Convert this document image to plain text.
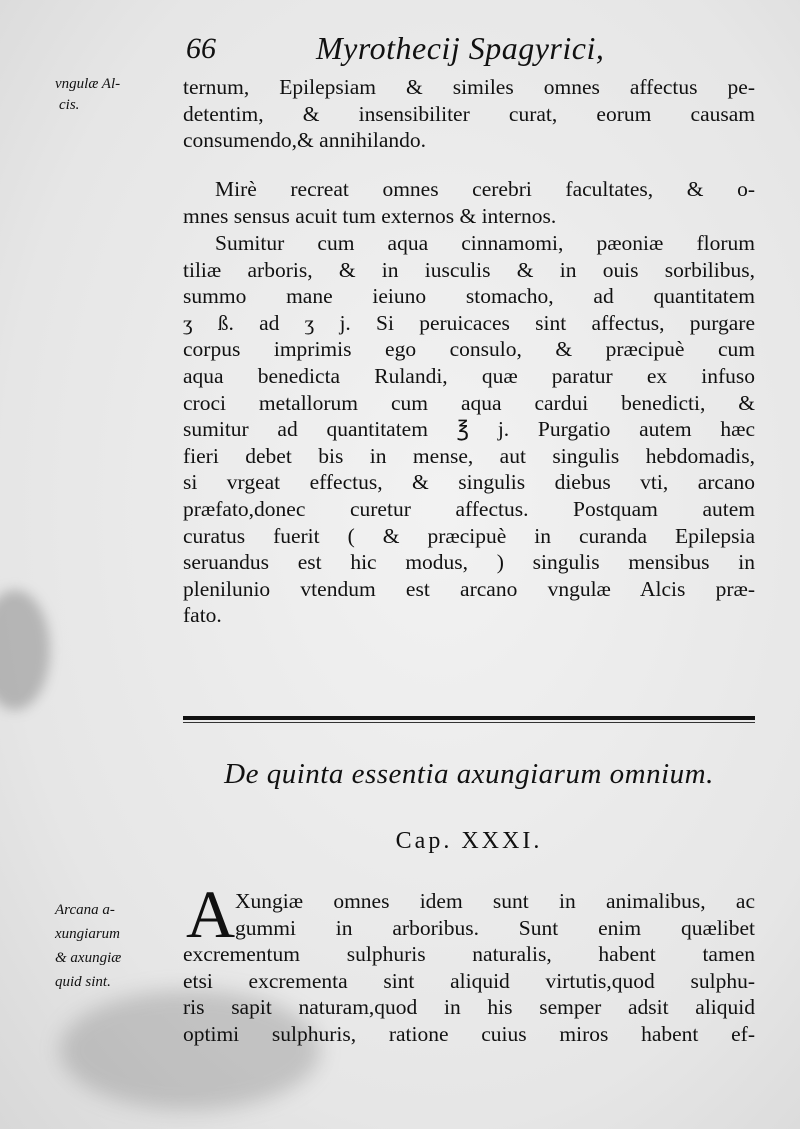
66	Myrothecij Spagyrici,
vngulæ Al-
cis.
ternum, Epilepsiam & similes omnes affectus pe-
detentim, & insensibiliter curat, eorum causam
consumendo,& annihilando.
Mirè recreat omnes cerebri facultates, & o-
mnes sensus acuit tum externos & internos.
Sumitur cum aqua cinnamomi, pæoniæ florum
tiliæ arboris, & in iusculis & in ouis sorbilibus,
summo mane ieiuno stomacho, ad quantitatem
ʒ ß. ad ʒ j. Si peruicaces sint affectus, purgare
corpus imprimis ego consulo, & præcipuè cum
aqua benedicta Rulandi, quæ paratur ex infuso
croci metallorum cum aqua cardui benedicti, &
sumitur ad quantitatem ℥ j. Purgatio autem hæc
fieri debet bis in mense, aut singulis hebdomadis,
si vrgeat effectus, & singulis diebus vti, arcano
præfato,donec curetur affectus. Postquam autem
curatus fuerit ( & præcipuè in curanda Epilepsia
seruandus est hic modus, ) singulis mensibus in
plenilunio vtendum est arcano vngulæ Alcis præ-
fato.
De quinta essentia axungiarum omnium.
Cap. XXXI.
Arcana a-
xungiarum
& axungiæ
quid sint.
A Xungiæ omnes idem sunt in animalibus, ac
gummi in arboribus. Sunt enim quælibet
excrementum sulphuris naturalis, habent tamen
etsi excrementa sint aliquid virtutis,quod sulphu-
ris sapit naturam,quod in his semper adsit aliquid
optimi sulphuris, ratione cuius miros habent ef-
